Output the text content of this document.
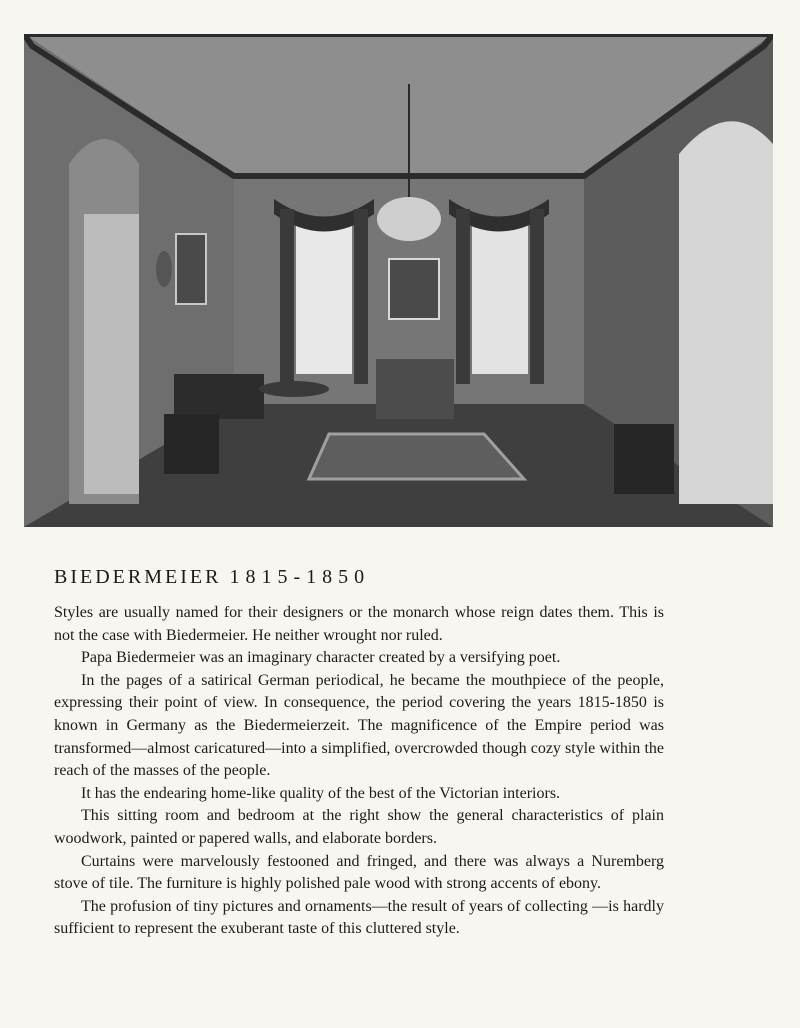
BIEDERMEIER 1815-1850

Styles are usually named for their designers or the monarch whose reign dates them. This is not the case with Biedermeier. He neither wrought nor ruled.

Papa Biedermeier was an imaginary character created by a versifying poet.

In the pages of a satirical German periodical, he became the mouthpiece of the people, expressing their point of view. In consequence, the period covering the years 1815-1850 is known in Germany as the Biedermeierzeit. The magnificence of the Empire period was transformed—almost caricatured—into a simplified, overcrowded though cozy style within the reach of the masses of the people.

It has the endearing home-like quality of the best of the Victorian interiors.

This sitting room and bedroom at the right show the general characteristics of plain woodwork, painted or papered walls, and elaborate borders.

Curtains were marvelously festooned and fringed, and there was always a Nuremberg stove of tile. The furniture is highly polished pale wood with strong accents of ebony.

The profusion of tiny pictures and ornaments—the result of years of collecting —is hardly sufficient to represent the exuberant taste of this cluttered style.
